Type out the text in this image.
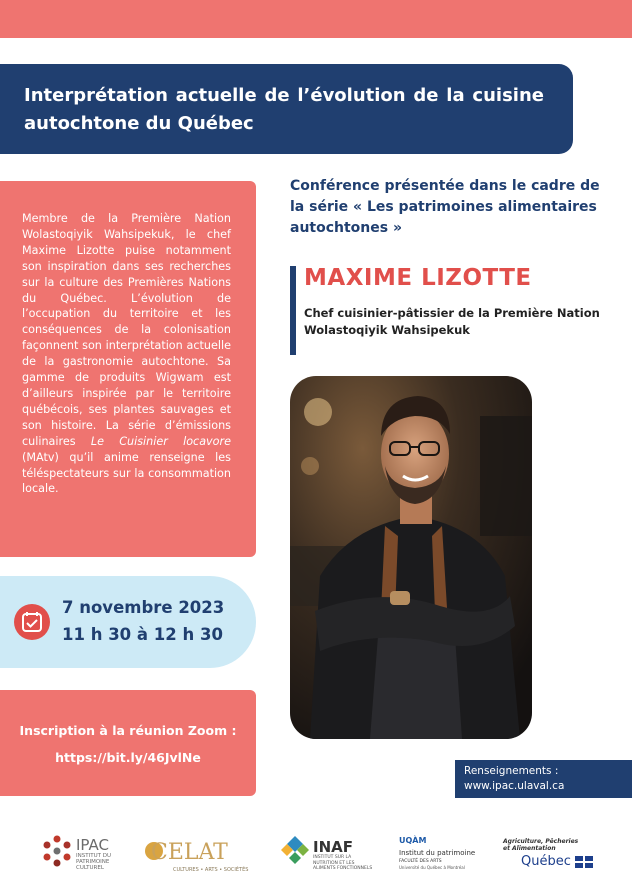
Interprétation actuelle de l’évolution de la cuisine autochtone du Québec
Membre de la Première Nation Wolastoqiyik Wahsipekuk, le chef Maxime Lizotte puise notamment son inspiration dans ses recherches sur la culture des Premières Nations du Québec. L’évolution de l’occupation du territoire et les conséquences de la colonisation façonnent son interprétation actuelle de la gastronomie autochtone. Sa gamme de produits Wigwam est d’ailleurs inspirée par le territoire québécois, ses plantes sauvages et son histoire. La série d’émissions culinaires Le Cuisinier locavore (MAtv) qu’il anime renseigne les téléspectateurs sur la consommation locale.
Conférence présentée dans le cadre de la série « Les patrimoines alimentaires autochtones »
MAXIME LIZOTTE
Chef cuisinier-pâtissier de la Première Nation Wolastoqiyik Wahsipekuk
7 novembre 2023
11 h 30 à 12 h 30
Inscription à la réunion Zoom :
https://bit.ly/46JvlNe
Renseignements :
www.ipac.ulaval.ca
IPAC
INSTITUT DU
PATRIMOINE
CULTUREL
CELAT
CULTURES • ARTS • SOCIÉTÉS
INAF
INSTITUT SUR LA
NUTRITION ET LES
ALIMENTS FONCTIONNELS
UQÀM
Institut du patrimoine
FACULTÉ DES ARTS
Université du Québec à Montréal
Agriculture, Pêcheries
et Alimentation
Québec
